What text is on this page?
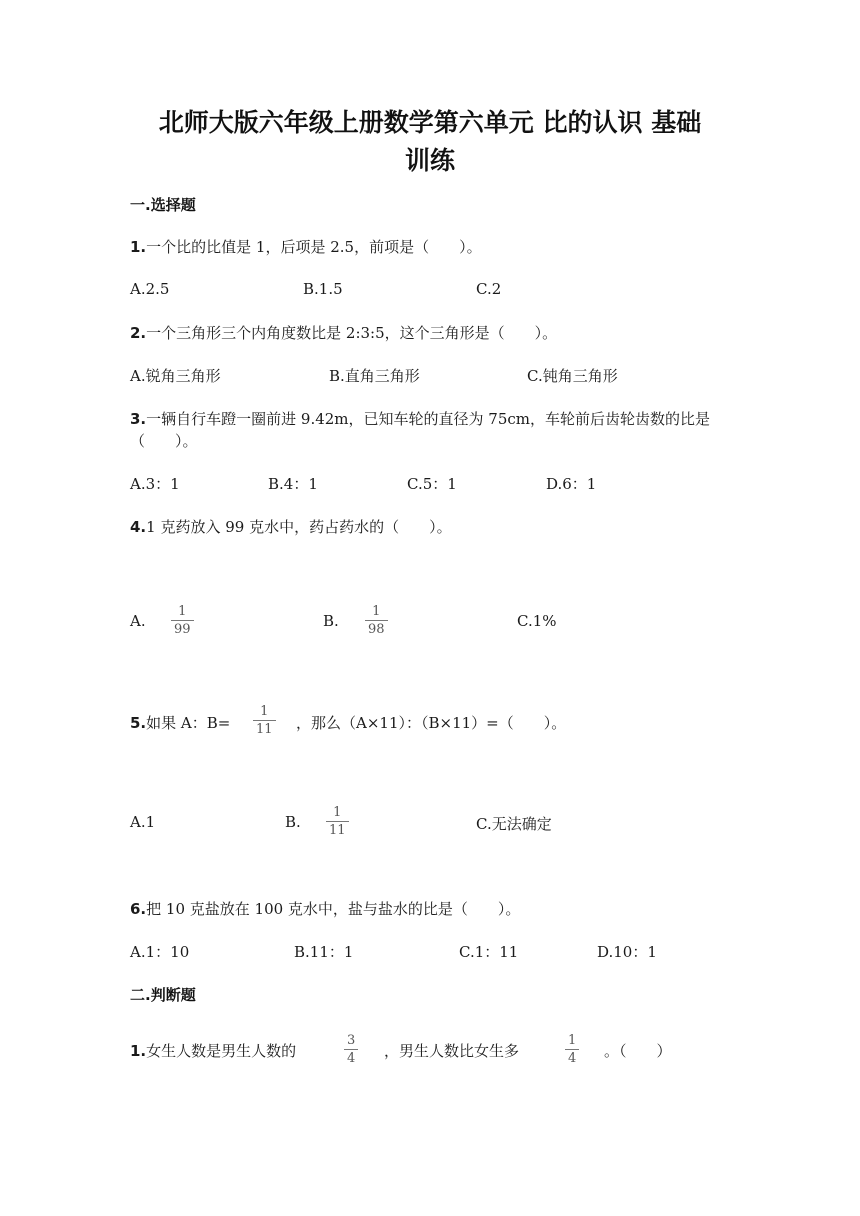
北师大版六年级上册数学第六单元 比的认识 基础
训练
一.选择题
1.一个比的比值是 1，后项是 2.5，前项是（　　）。
A.2.5	B.1.5	C.2
2.一个三角形三个内角度数比是 2:3:5，这个三角形是（　　）。
A.锐角三角形	B.直角三角形	C.钝角三角形
3.一辆自行车蹬一圈前进 9.42m，已知车轮的直径为 75cm，车轮前后齿轮齿数的比是（　　）。
A.3：1	B.4：1	C.5：1	D.6：1
4.1 克药放入 99 克水中，药占药水的（　　）。
A.
1
99	B.
1
98	C.1%
5.如果 A：B=
1
11 ，那么（A×11）：（B×11）=（　　）。
A.1	B.
1
11	C.无法确定
6.把 10 克盐放在 100 克水中，盐与盐水的比是（　　）。
A.1：10	B.11：1	C.1：11	D.10：1
二.判断题
1.女生人数是男生人数的
3
4 ，男生人数比女生多
1
4 。（　　）
